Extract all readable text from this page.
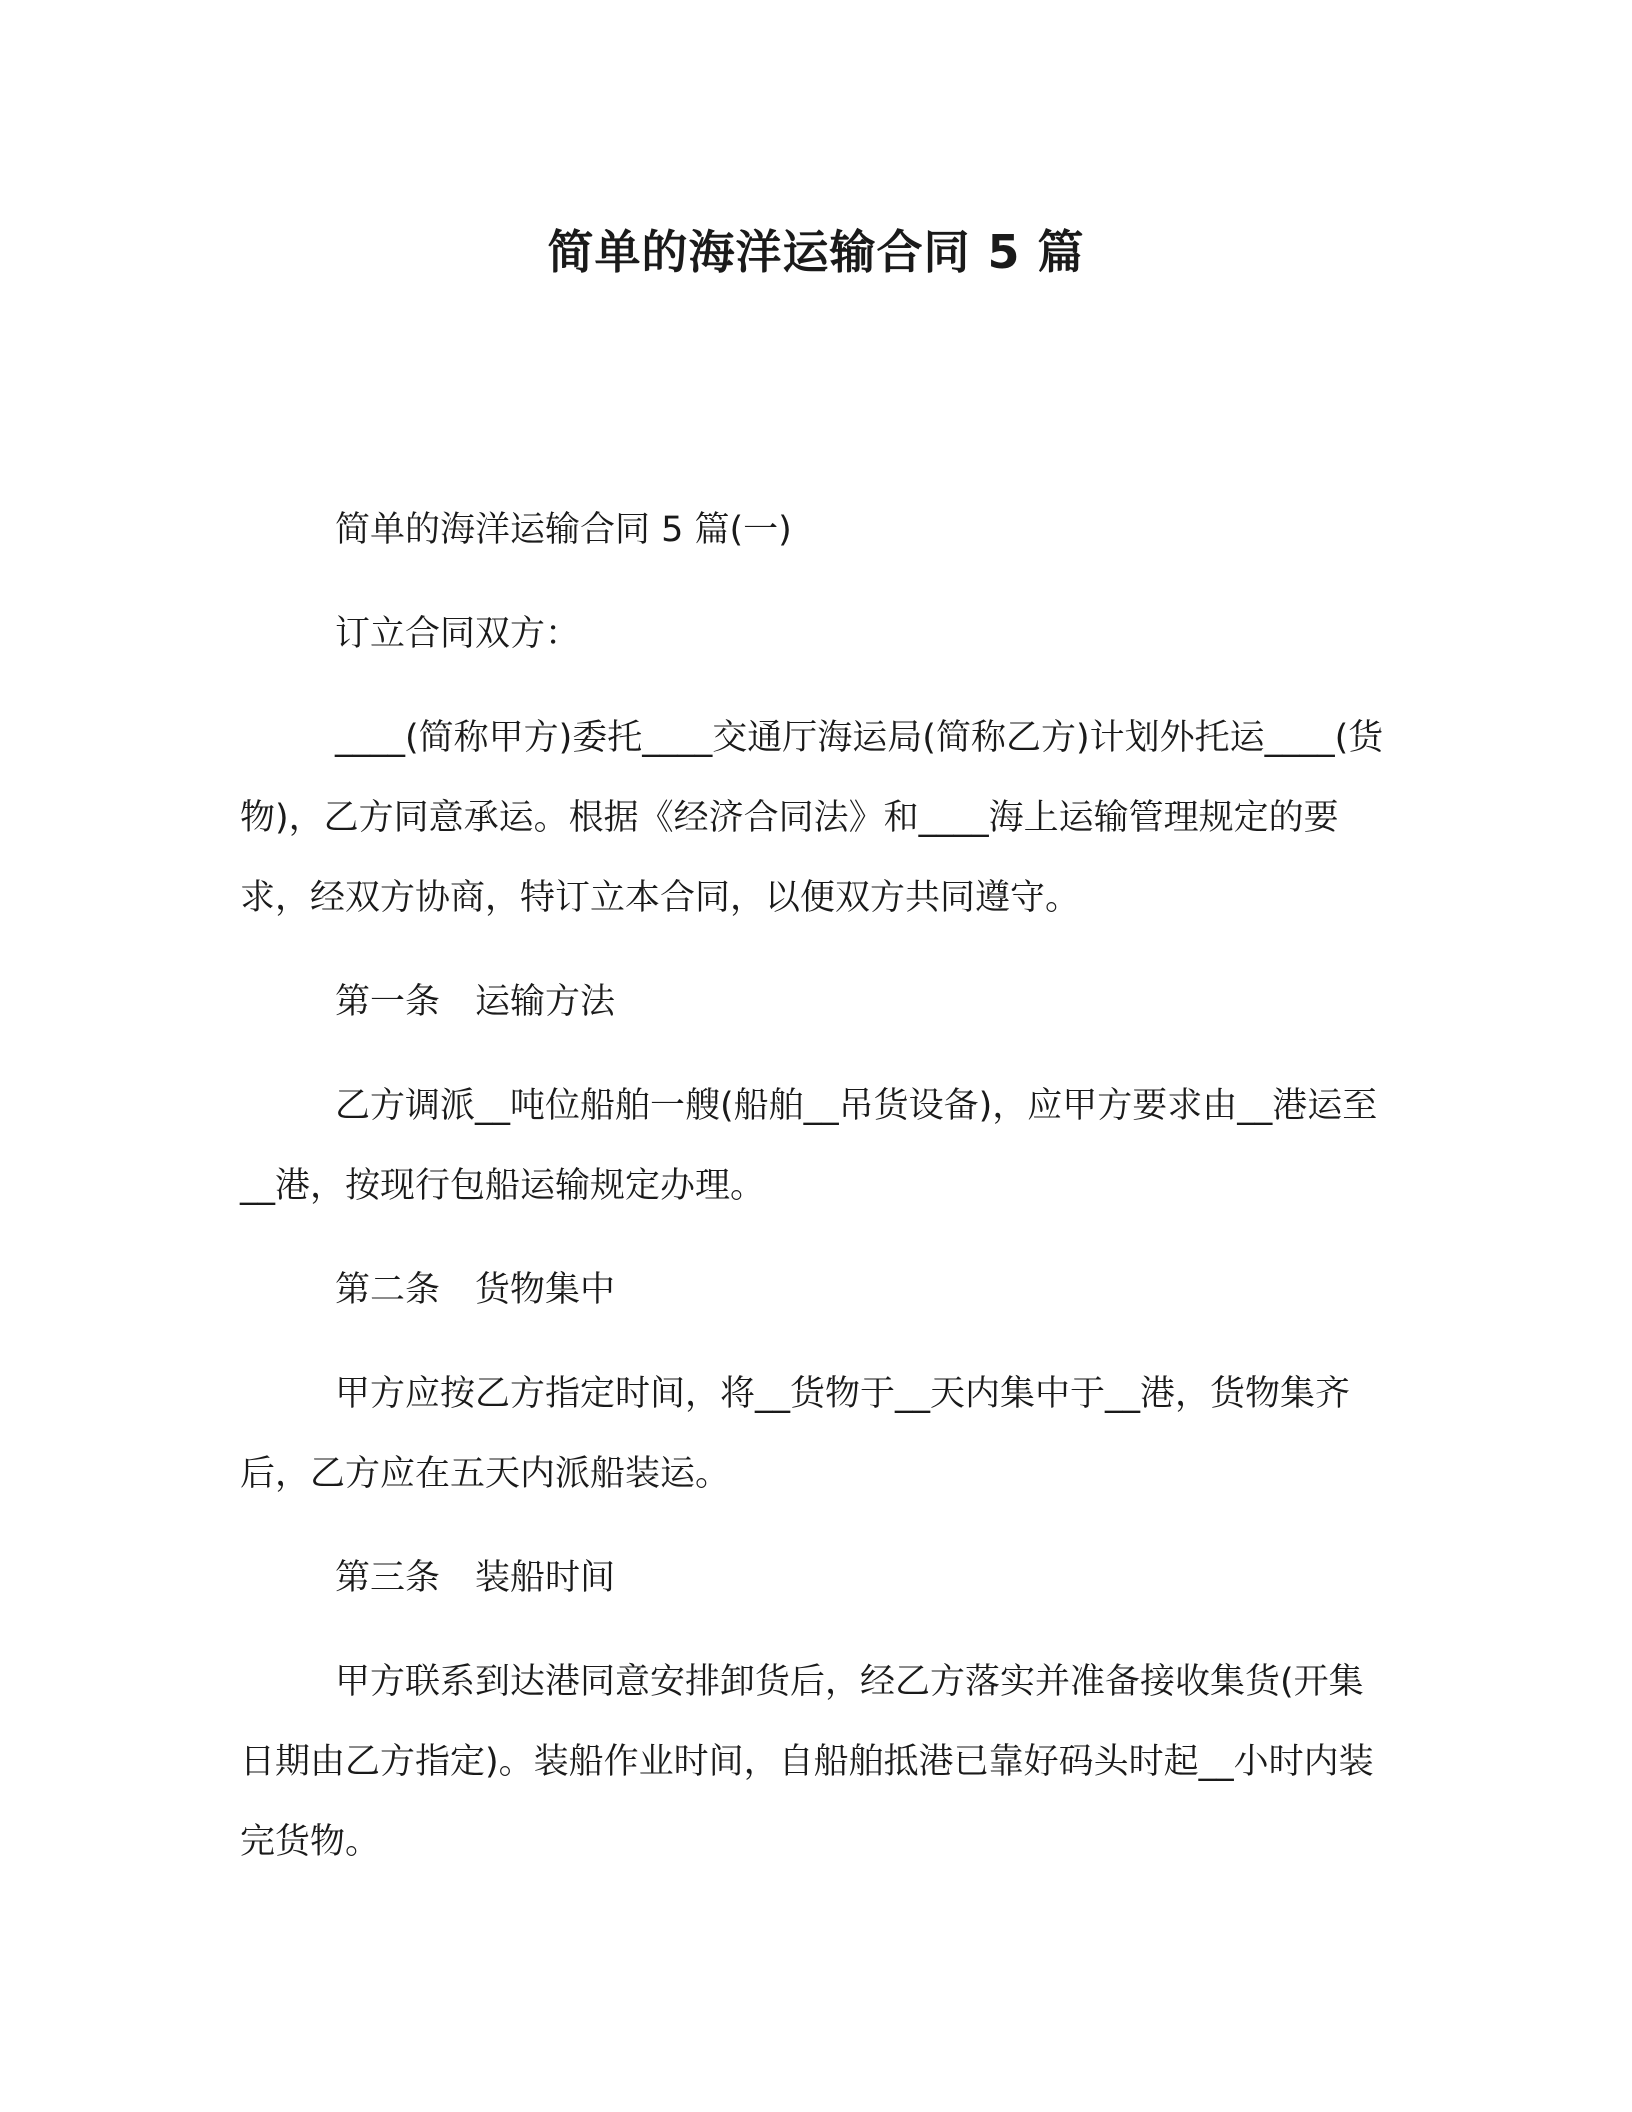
简单的海洋运输合同 5 篇

简单的海洋运输合同 5 篇(一)

订立合同双方：

____(简称甲方)委托____交通厅海运局(简称乙方)计划外托运____(货物)，乙方同意承运。根据《经济合同法》和____海上运输管理规定的要求，经双方协商，特订立本合同，以便双方共同遵守。

第一条　运输方法

乙方调派__吨位船舶一艘(船舶__吊货设备)，应甲方要求由__港运至__港，按现行包船运输规定办理。

第二条　货物集中

甲方应按乙方指定时间，将__货物于__天内集中于__港，货物集齐后，乙方应在五天内派船装运。

第三条　装船时间

甲方联系到达港同意安排卸货后，经乙方落实并准备接收集货(开集日期由乙方指定)。装船作业时间，自船舶抵港已靠好码头时起__小时内装完货物。
